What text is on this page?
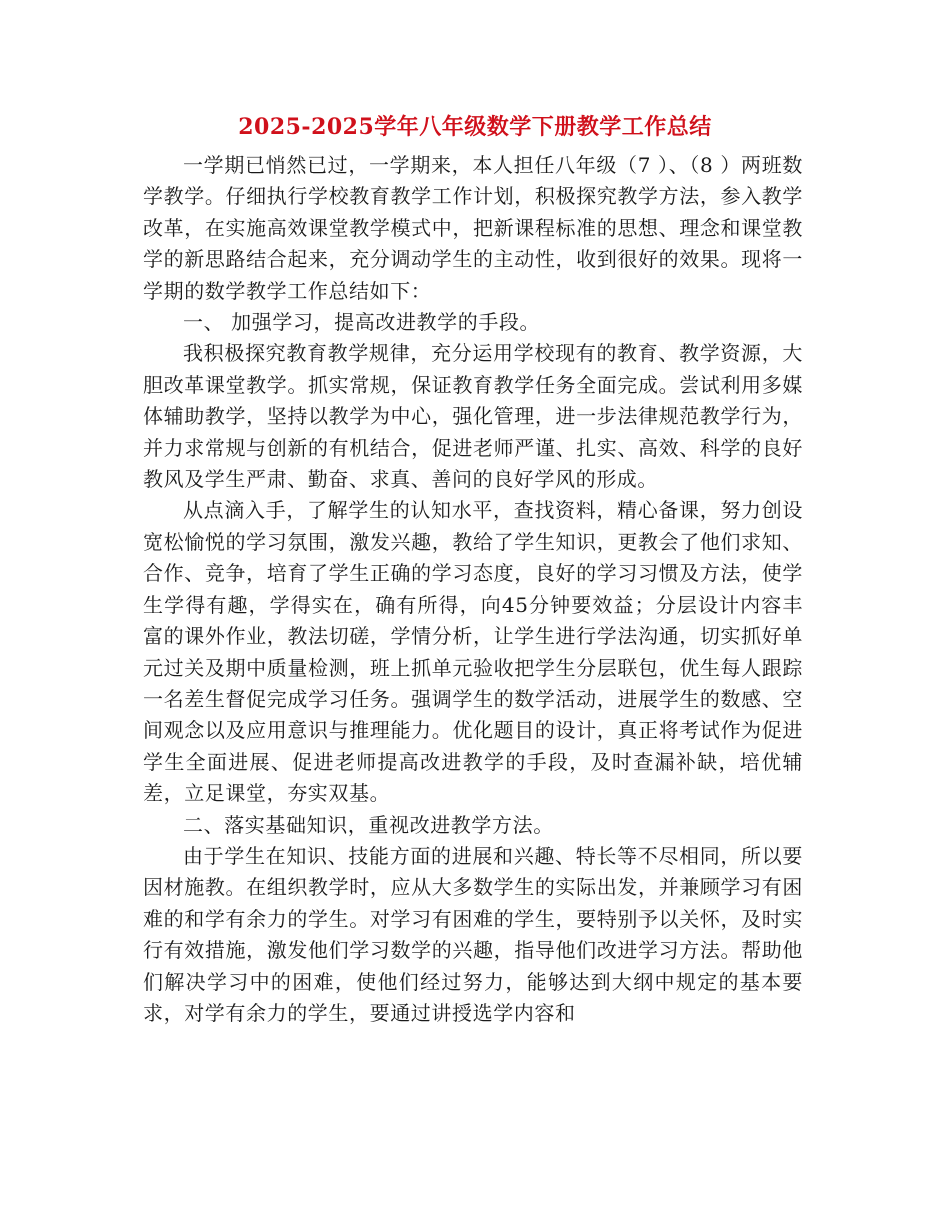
2025-2025学年八年级数学下册教学工作总结

一学期已悄然已过，一学期来，本人担任八年级（7 ）、（8 ）两班数学教学。仔细执行学校教育教学工作计划，积极探究教学方法，参入教学改革，在实施高效课堂教学模式中，把新课程标准的思想、理念和课堂教学的新思路结合起来，充分调动学生的主动性，收到很好的效果。现将一学期的数学教学工作总结如下：

一、 加强学习，提高改进教学的手段。

我积极探究教育教学规律，充分运用学校现有的教育、教学资源，大胆改革课堂教学。抓实常规，保证教育教学任务全面完成。尝试利用多媒体辅助教学，坚持以教学为中心，强化管理，进一步法律规范教学行为，并力求常规与创新的有机结合，促进老师严谨、扎实、高效、科学的良好教风及学生严肃、勤奋、求真、善问的良好学风的形成。

从点滴入手，了解学生的认知水平，查找资料，精心备课，努力创设宽松愉悦的学习氛围，激发兴趣，教给了学生知识，更教会了他们求知、合作、竞争，培育了学生正确的学习态度，良好的学习习惯及方法，使学生学得有趣，学得实在，确有所得，向45分钟要效益；分层设计内容丰富的课外作业，教法切磋，学情分析，让学生进行学法沟通，切实抓好单元过关及期中质量检测，班上抓单元验收把学生分层联包，优生每人跟踪一名差生督促完成学习任务。强调学生的数学活动，进展学生的数感、空间观念以及应用意识与推理能力。优化题目的设计，真正将考试作为促进学生全面进展、促进老师提高改进教学的手段，及时查漏补缺，培优辅差，立足课堂，夯实双基。

二、落实基础知识，重视改进教学方法。

由于学生在知识、技能方面的进展和兴趣、特长等不尽相同，所以要因材施教。在组织教学时，应从大多数学生的实际出发，并兼顾学习有困难的和学有余力的学生。对学习有困难的学生，要特别予以关怀，及时实行有效措施，激发他们学习数学的兴趣，指导他们改进学习方法。帮助他们解决学习中的困难，使他们经过努力，能够达到大纲中规定的基本要求，对学有余力的学生，要通过讲授选学内容和
